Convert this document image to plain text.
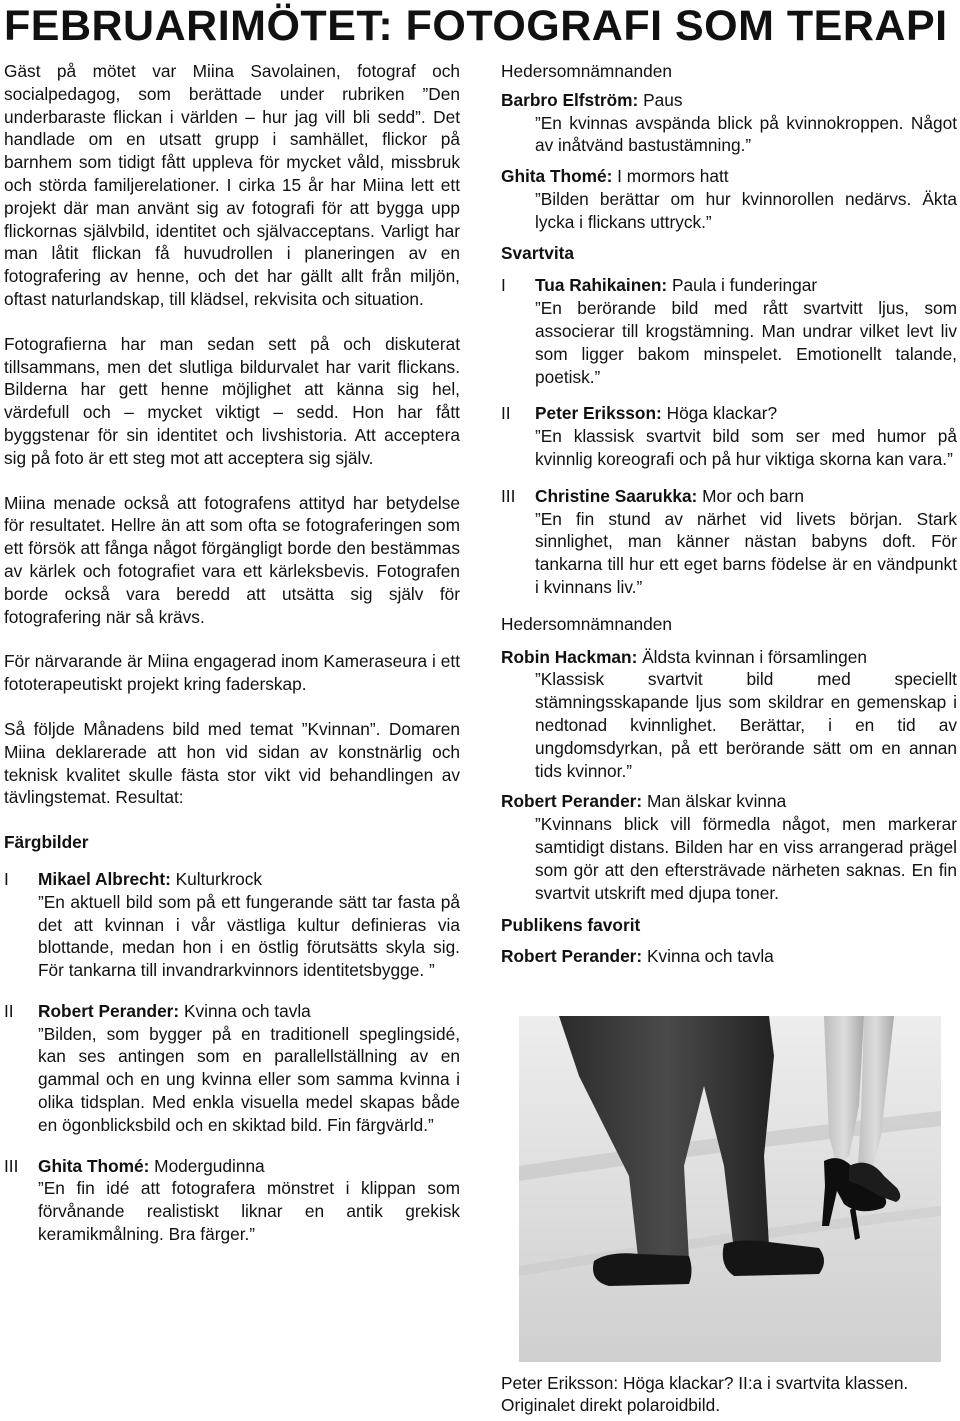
FEBRUARIMÖTET: FOTOGRAFI SOM TERAPI

Gäst på mötet var Miina Savolainen, fotograf och socialpedagog, som berättade under rubriken ”Den underbaraste flickan i världen – hur jag vill bli sedd”. Det handlade om en utsatt grupp i samhället, flickor på barnhem som tidigt fått uppleva för mycket våld, missbruk och störda familjerelationer. I cirka 15 år har Miina lett ett projekt där man använt sig av fotografi för att bygga upp flickornas självbild, identitet och självacceptans. Varligt har man låtit flickan få huvudrollen i planeringen av en fotografering av henne, och det har gällt allt från miljön, oftast naturlandskap, till klädsel, rekvisita och situation.

Fotografierna har man sedan sett på och diskuterat tillsammans, men det slutliga bildurvalet har varit flickans. Bilderna har gett henne möjlighet att känna sig hel, värdefull och – mycket viktigt – sedd. Hon har fått byggstenar för sin identitet och livshistoria. Att acceptera sig på foto är ett steg mot att acceptera sig själv.

Miina menade också att fotografens attityd har betydelse för resultatet. Hellre än att som ofta se fotograferingen som ett försök att fånga något förgängligt borde den bestämmas av kärlek och fotografiet vara ett kärleksbevis. Fotografen borde också vara beredd att utsätta sig själv för fotografering när så krävs.

För närvarande är Miina engagerad inom Kameraseura i ett fototerapeutiskt projekt kring faderskap.

Så följde Månadens bild med temat ”Kvinnan”. Domaren Miina deklarerade att hon vid sidan av konstnärlig och teknisk kvalitet skulle fästa stor vikt vid behandlingen av tävlingstemat. Resultat:

Färgbilder
I	Mikael Albrecht: Kulturkrock
”En aktuell bild som på ett fungerande sätt tar fasta på det att kvinnan i vår västliga kultur definieras via blottande, medan hon i en östlig förutsätts skyla sig. För tankarna till invandrarkvinnors identitetsbygge. ”
II	Robert Perander: Kvinna och tavla
”Bilden, som bygger på en traditionell speglingsidé, kan ses antingen som en parallellställning av en gammal och en ung kvinna eller som samma kvinna i olika tidsplan. Med enkla visuella medel skapas både en ögonblicksbild och en skiktad bild. Fin färgvärld.”
III	Ghita Thomé: Modergudinna
”En fin idé att fotografera mönstret i klippan som förvånande realistiskt liknar en antik grekisk keramikmålning. Bra färger.”
Hedersomnämnanden
Barbro Elfström: Paus
”En kvinnas avspända blick på kvinnokroppen. Något av inåtvänd bastustämning.”
Ghita Thomé: I mormors hatt
”Bilden berättar om hur kvinnorollen nedärvs. Äkta lycka i flickans uttryck.”
Svartvita
I	Tua Rahikainen: Paula i funderingar
”En berörande bild med rått svartvitt ljus, som associerar till krogstämning. Man undrar vilket levt liv som ligger bakom minspelet. Emotionellt talande, poetisk.”
II	Peter Eriksson: Höga klackar?
”En klassisk svartvit bild som ser med humor på kvinnlig koreografi och på hur viktiga skorna kan vara.”
III	Christine Saarukka: Mor och barn
”En fin stund av närhet vid livets början. Stark sinnlighet, man känner nästan babyns doft. För tankarna till hur ett eget barns födelse är en vändpunkt i kvinnans liv.”
Hedersomnämnanden
Robin Hackman: Äldsta kvinnan i församlingen
”Klassisk svartvit bild med speciellt stämningsskapande ljus som skildrar en gemenskap i nedtonad kvinnlighet. Berättar, i en tid av ungdomsdyrkan, på ett berörande sätt om en annan tids kvinnor.”
Robert Perander: Man älskar kvinna
”Kvinnans blick vill förmedla något, men markerar samtidigt distans. Bilden har en viss arrangerad prägel som gör att den eftersträvade närheten saknas. En fin svartvit utskrift med djupa toner.
Publikens favorit
Robert Perander: Kvinna och tavla
Peter Eriksson: Höga klackar? II:a i svartvita klassen. Originalet direkt polaroidbild.
